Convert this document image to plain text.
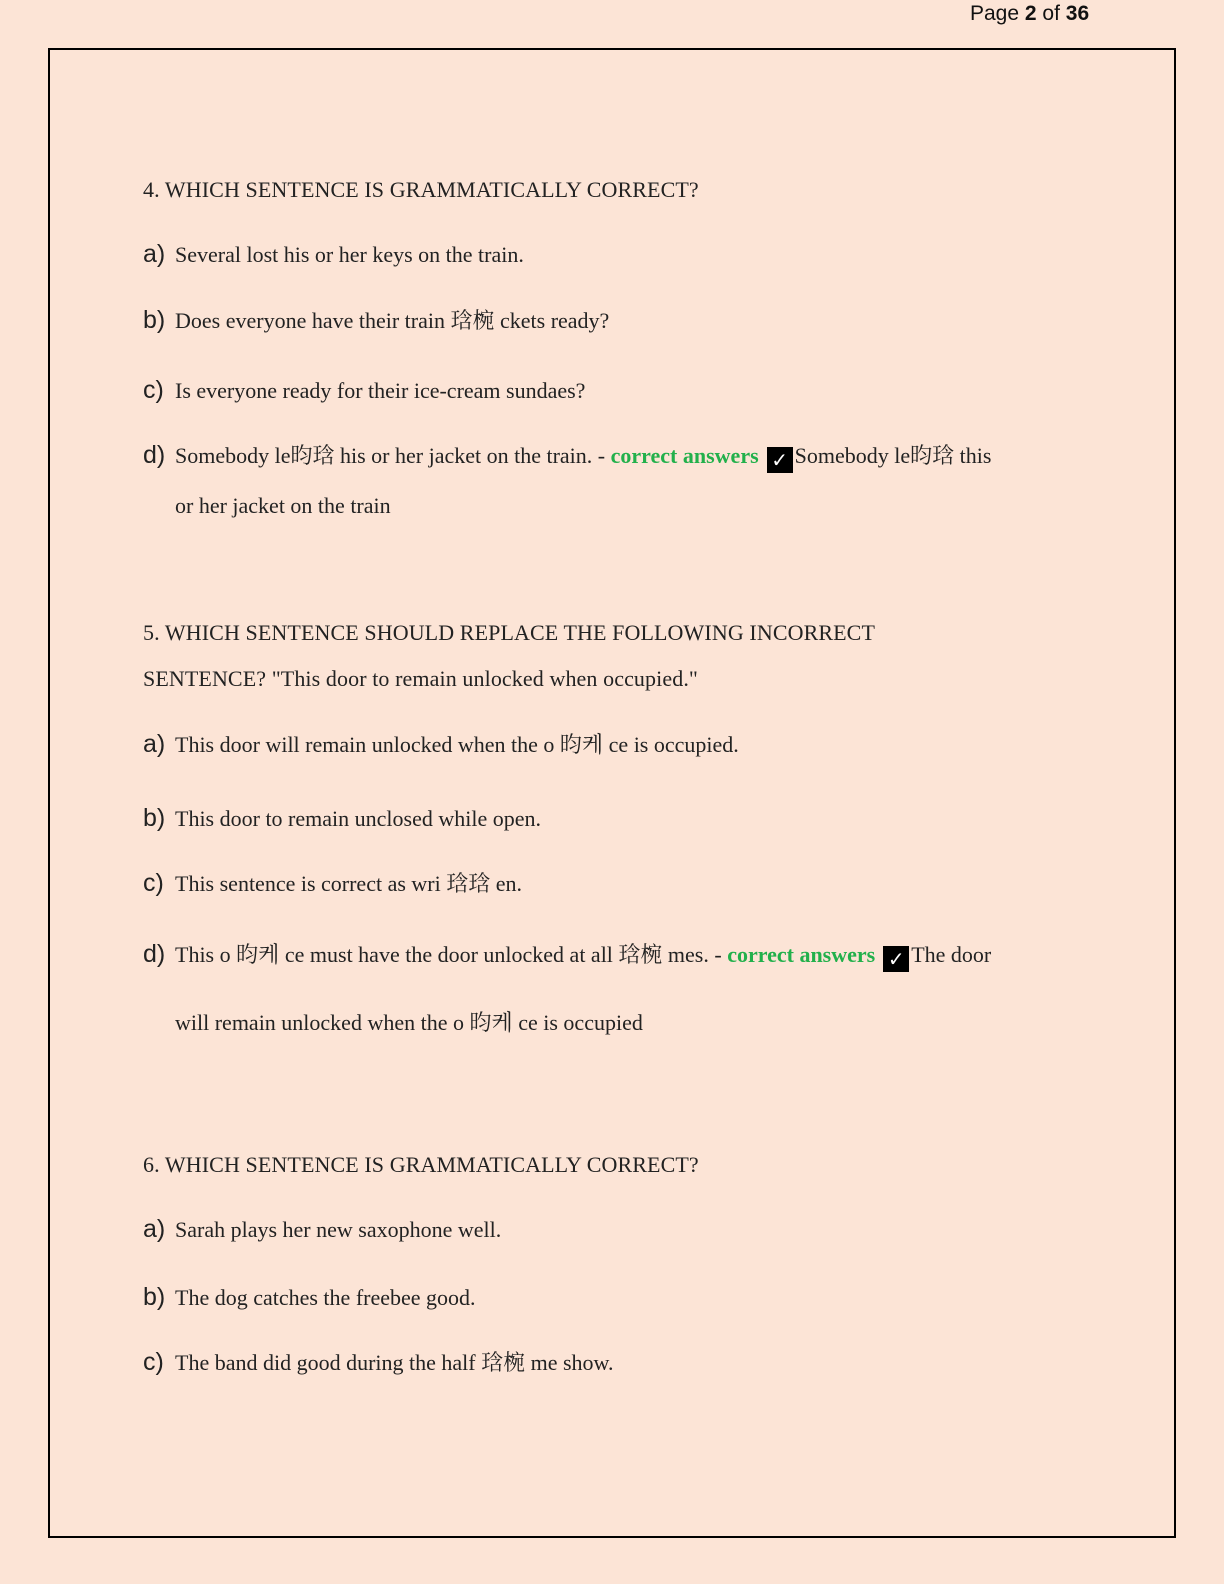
Page 2 of 36
4. WHICH SENTENCE IS GRAMMATICALLY CORRECT?
a) Several lost his or her keys on the train.
b) Does everyone have their train 琀椀 ckets ready?
c) Is everyone ready for their ice-cream sundaes?
d) Somebody le昀琀 his or her jacket on the train. - correct answers ✓ Somebody le昀琀 this
or her jacket on the train
5. WHICH SENTENCE SHOULD REPLACE THE FOLLOWING INCORRECT
SENTENCE? "This door to remain unlocked when occupied."
a) This door will remain unlocked when the o 昀케 ce is occupied.
b) This door to remain unclosed while open.
c) This sentence is correct as wri 琀琀 en.
d) This o 昀케 ce must have the door unlocked at all 琀椀 mes. - correct answers ✓ The door
will remain unlocked when the o 昀케 ce is occupied
6. WHICH SENTENCE IS GRAMMATICALLY CORRECT?
a) Sarah plays her new saxophone well.
b) The dog catches the freebee good.
c) The band did good during the half 琀椀 me show.
